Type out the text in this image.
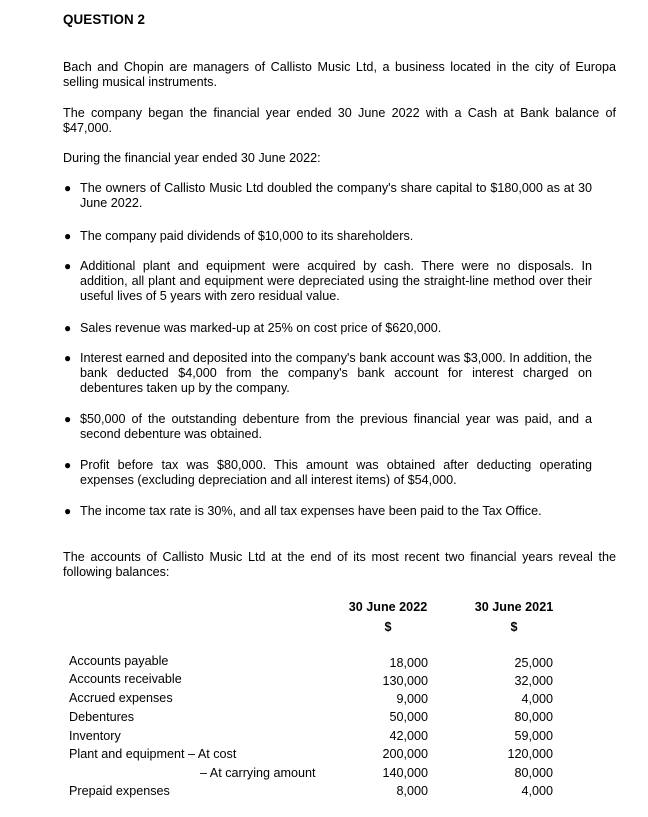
QUESTION 2

Bach and Chopin are managers of Callisto Music Ltd, a business located in the city of Europa selling musical instruments.

The company began the financial year ended 30 June 2022 with a Cash at Bank balance of $47,000.

During the financial year ended 30 June 2022:

● The owners of Callisto Music Ltd doubled the company's share capital to $180,000 as at 30 June 2022.
● The company paid dividends of $10,000 to its shareholders.
● Additional plant and equipment were acquired by cash. There were no disposals. In addition, all plant and equipment were depreciated using the straight-line method over their useful lives of 5 years with zero residual value.
● Sales revenue was marked-up at 25% on cost price of $620,000.
● Interest earned and deposited into the company's bank account was $3,000. In addition, the bank deducted $4,000 from the company's bank account for interest charged on debentures taken up by the company.
● $50,000 of the outstanding debenture from the previous financial year was paid, and a second debenture was obtained.
● Profit before tax was $80,000. This amount was obtained after deducting operating expenses (excluding depreciation and all interest items) of $54,000.
● The income tax rate is 30%, and all tax expenses have been paid to the Tax Office.

The accounts of Callisto Music Ltd at the end of its most recent two financial years reveal the following balances:

30 June 2022	30 June 2021
$	$
Accounts payable	18,000	25,000
Accounts receivable	130,000	32,000
Accrued expenses	9,000	4,000
Debentures	50,000	80,000
Inventory	42,000	59,000
Plant and equipment – At cost	200,000	120,000
– At carrying amount	140,000	80,000
Prepaid expenses	8,000	4,000
